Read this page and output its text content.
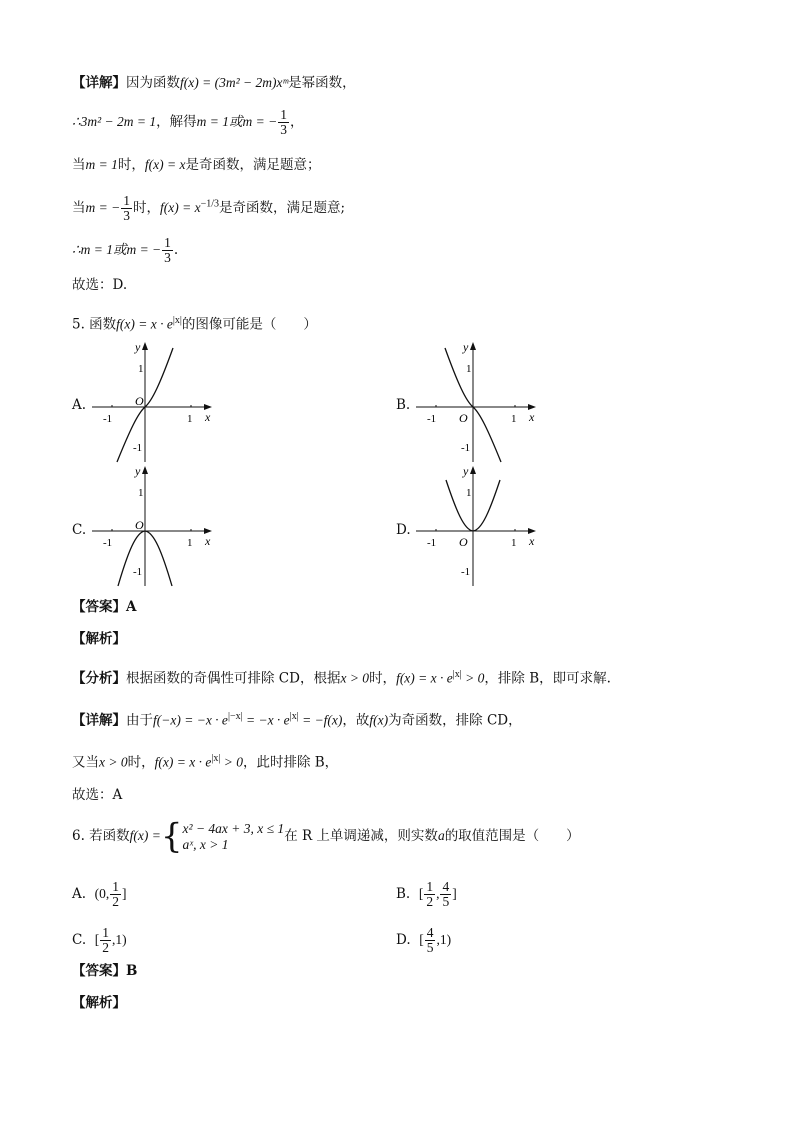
【详解】因为函数f(x) = (3m² − 2m)xᵐ是幂函数，
∴3m² − 2m = 1，解得m = 1或m = − $\frac{1}{3}$ ，
当m = 1时，f(x) = x是奇函数，满足题意；
当m = − $\frac{1}{3}$ 时，$f(x) = x^{-1/3}$是奇函数，满足题意;
∴m = 1或m = − $\frac{1}{3}$ .
故选：D.
5. 函数$f(x) = x \cdot e^{|x|}$的图像可能是（　　）
A.	B.
C.	D.
y
x
O
1
-1
-1	1
y
x
O
1
-1
-1	1
y
x
O
1
-1
-1	1
y
x
O
1
-1
-1	1
【答案】A
【解析】
【分析】根据函数的奇偶性可排除 CD，根据x > 0时，$f(x) = x \cdot e^{|x|} > 0$，排除 B，即可求解.
【详解】由于$f(-x) = -x \cdot e^{|-x|} = -x \cdot e^{|x|} = -f(x)$，故f(x)为奇函数，排除 CD，
又当x > 0时，$f(x) = x \cdot e^{|x|} > 0$，此时排除 B，
故选：A
6. 若函数f(x) ={ x² − 4ax + 3, x ≤ 1
aˣ, x > 1	在 R 上单调递减，则实数a的取值范围是（　　）
A. (0, $\frac{1}{2}$ ]	B. [ $\frac{1}{2}$ , $\frac{4}{5}$ ]
C. [ $\frac{1}{2} ,1$)	D. [ $\frac{4}{5} ,1$)
【答案】B
【解析】
